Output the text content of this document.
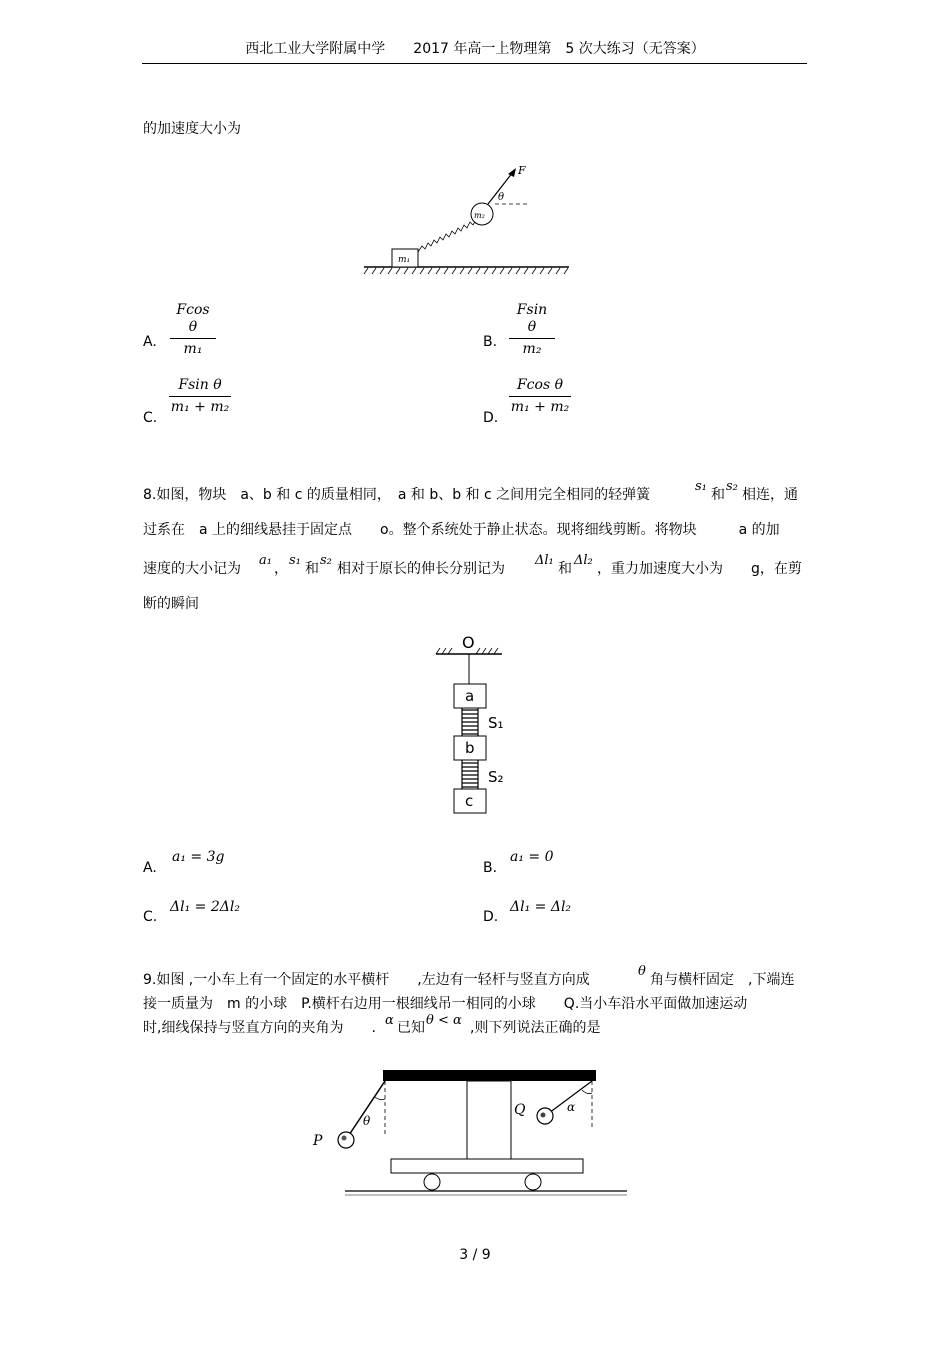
西北工业大学附属中学　　2017 年高一上物理第　5 次大练习（无答案）
的加速度大小为
m₁
m₂
F
θ
A.
Fcos θ
m₁	B.
Fsin θ
m₂
C.
Fsin θ
m₁ + m₂
D.
Fcos θ
m₁ + m₂
8.如图，物块　a、b 和 c 的质量相同，　a 和 b、b 和 c 之间用完全相同的轻弹簧
s₁
和
s₂
相连，通
过系在　a 上的细线悬挂于固定点　　o。整个系统处于静止状态。现将细线剪断。将物块　　　a 的加
速度的大小记为
a₁
，
s₁
和
s₂
相对于原长的伸长分别记为
Δl₁
和
Δl₂
，重力加速度大小为　　g，在剪
断的瞬间
O
a
S₁
b
S₂
c
A.
a₁ = 3g
B.
a₁ = 0
C.
Δl₁ = 2Δl₂
D.
Δl₁ = Δl₂
9.如图 ,一小车上有一个固定的水平横杆　　,左边有一轻杆与竖直方向成
θ
角与横杆固定　,下端连
接一质量为　m 的小球　P.横杆右边用一根细线吊一相同的小球　　Q.当小车沿水平面做加速运动
时,细线保持与竖直方向的夹角为　　. α 已知 θ < α ,则下列说法正确的是
P
θ
Q	α
3 / 9
